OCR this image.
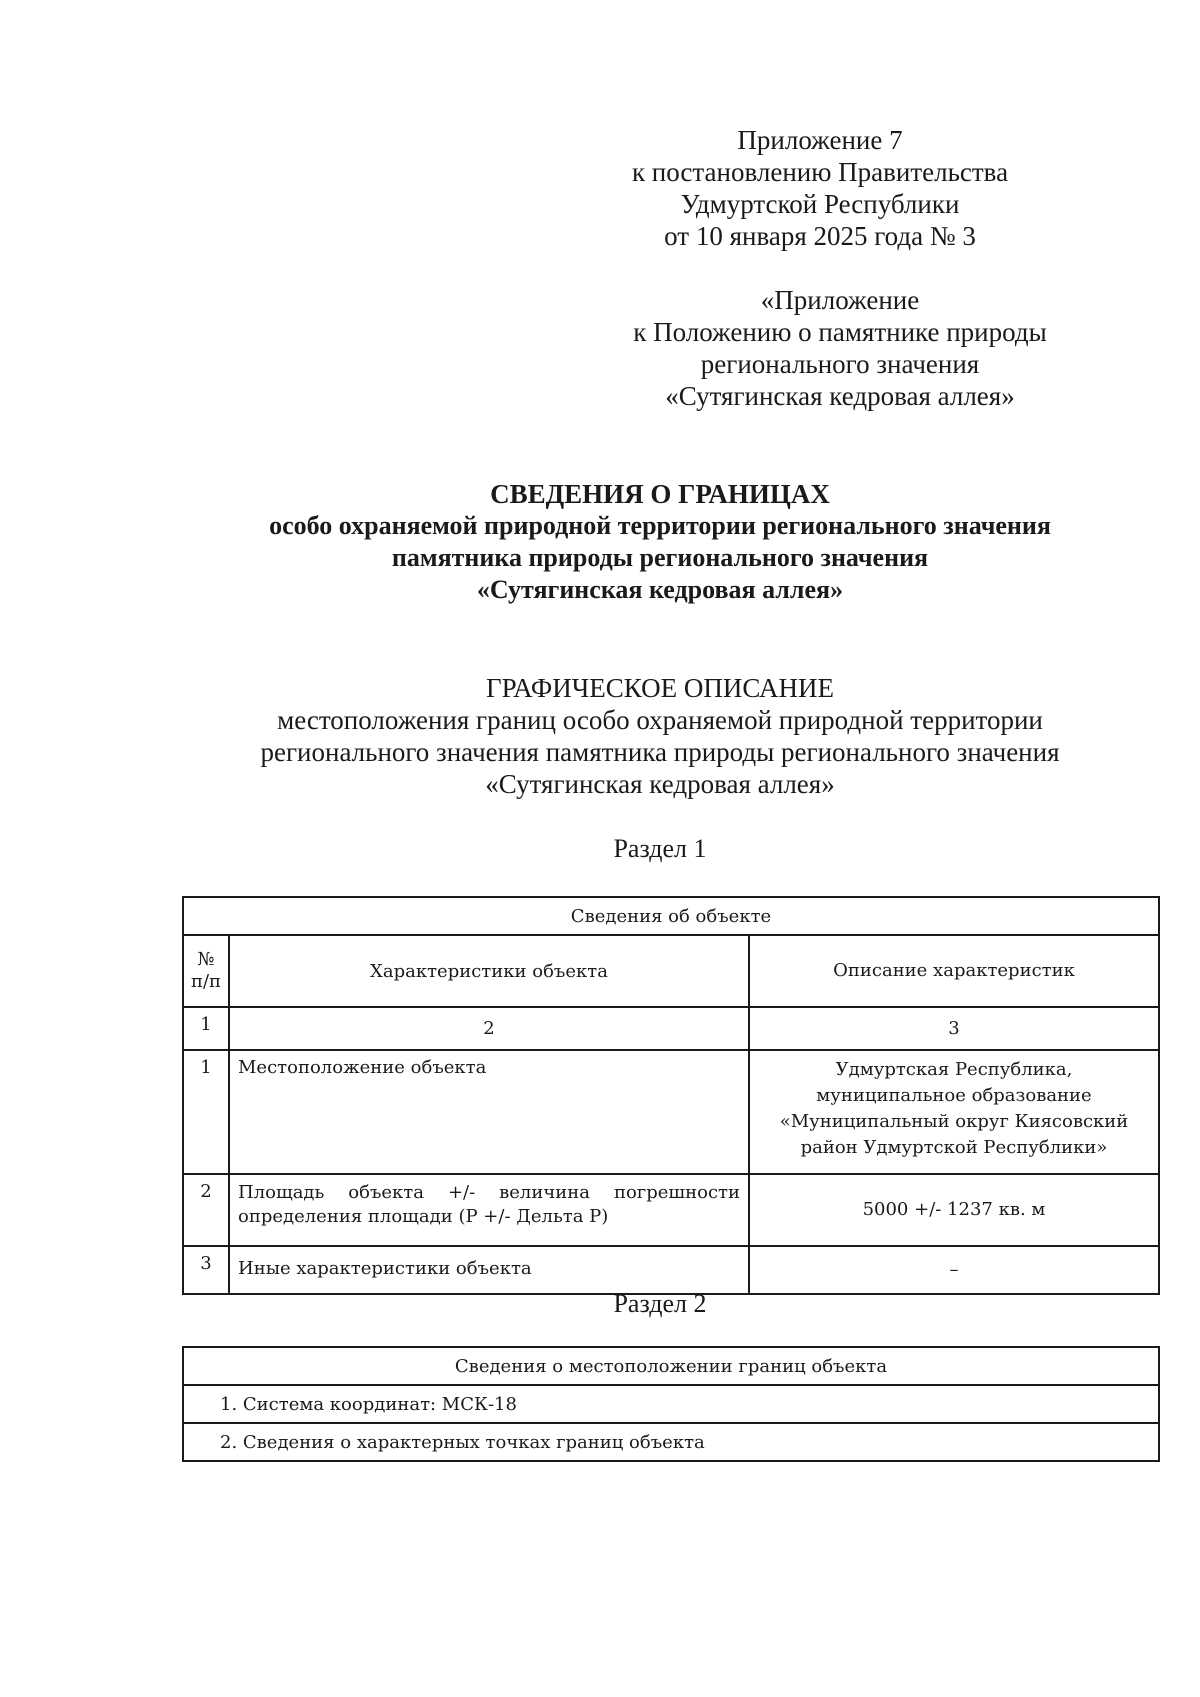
Приложение 7
к постановлению Правительства
Удмуртской Республики
от 10 января 2025 года № 3
«Приложение
к Положению о памятнике природы
регионального значения
«Сутягинская кедровая аллея»
СВЕДЕНИЯ О ГРАНИЦАХ
особо охраняемой природной территории регионального значения
памятника природы регионального значения
«Сутягинская кедровая аллея»
ГРАФИЧЕСКОЕ ОПИСАНИЕ
местоположения границ особо охраняемой природной территории
регионального значения памятника природы регионального значения
«Сутягинская кедровая аллея»
Раздел 1
Сведения об объекте		

№
п/п	Характеристики объекта	Описание характеристик
1	2	3
1	Местоположение объекта	Удмуртская Республика, муниципальное образование «Муниципальный округ Киясовский район Удмуртской Республики»
2	Площадь объекта +/- величина погрешности определения площади (P +/- Дельта P)	5000 +/- 1237 кв. м
3	Иные характеристики объекта	–
Раздел 2
Сведения о местоположении границ объекта
1. Система координат: МСК-18
2. Сведения о характерных точках границ объекта
